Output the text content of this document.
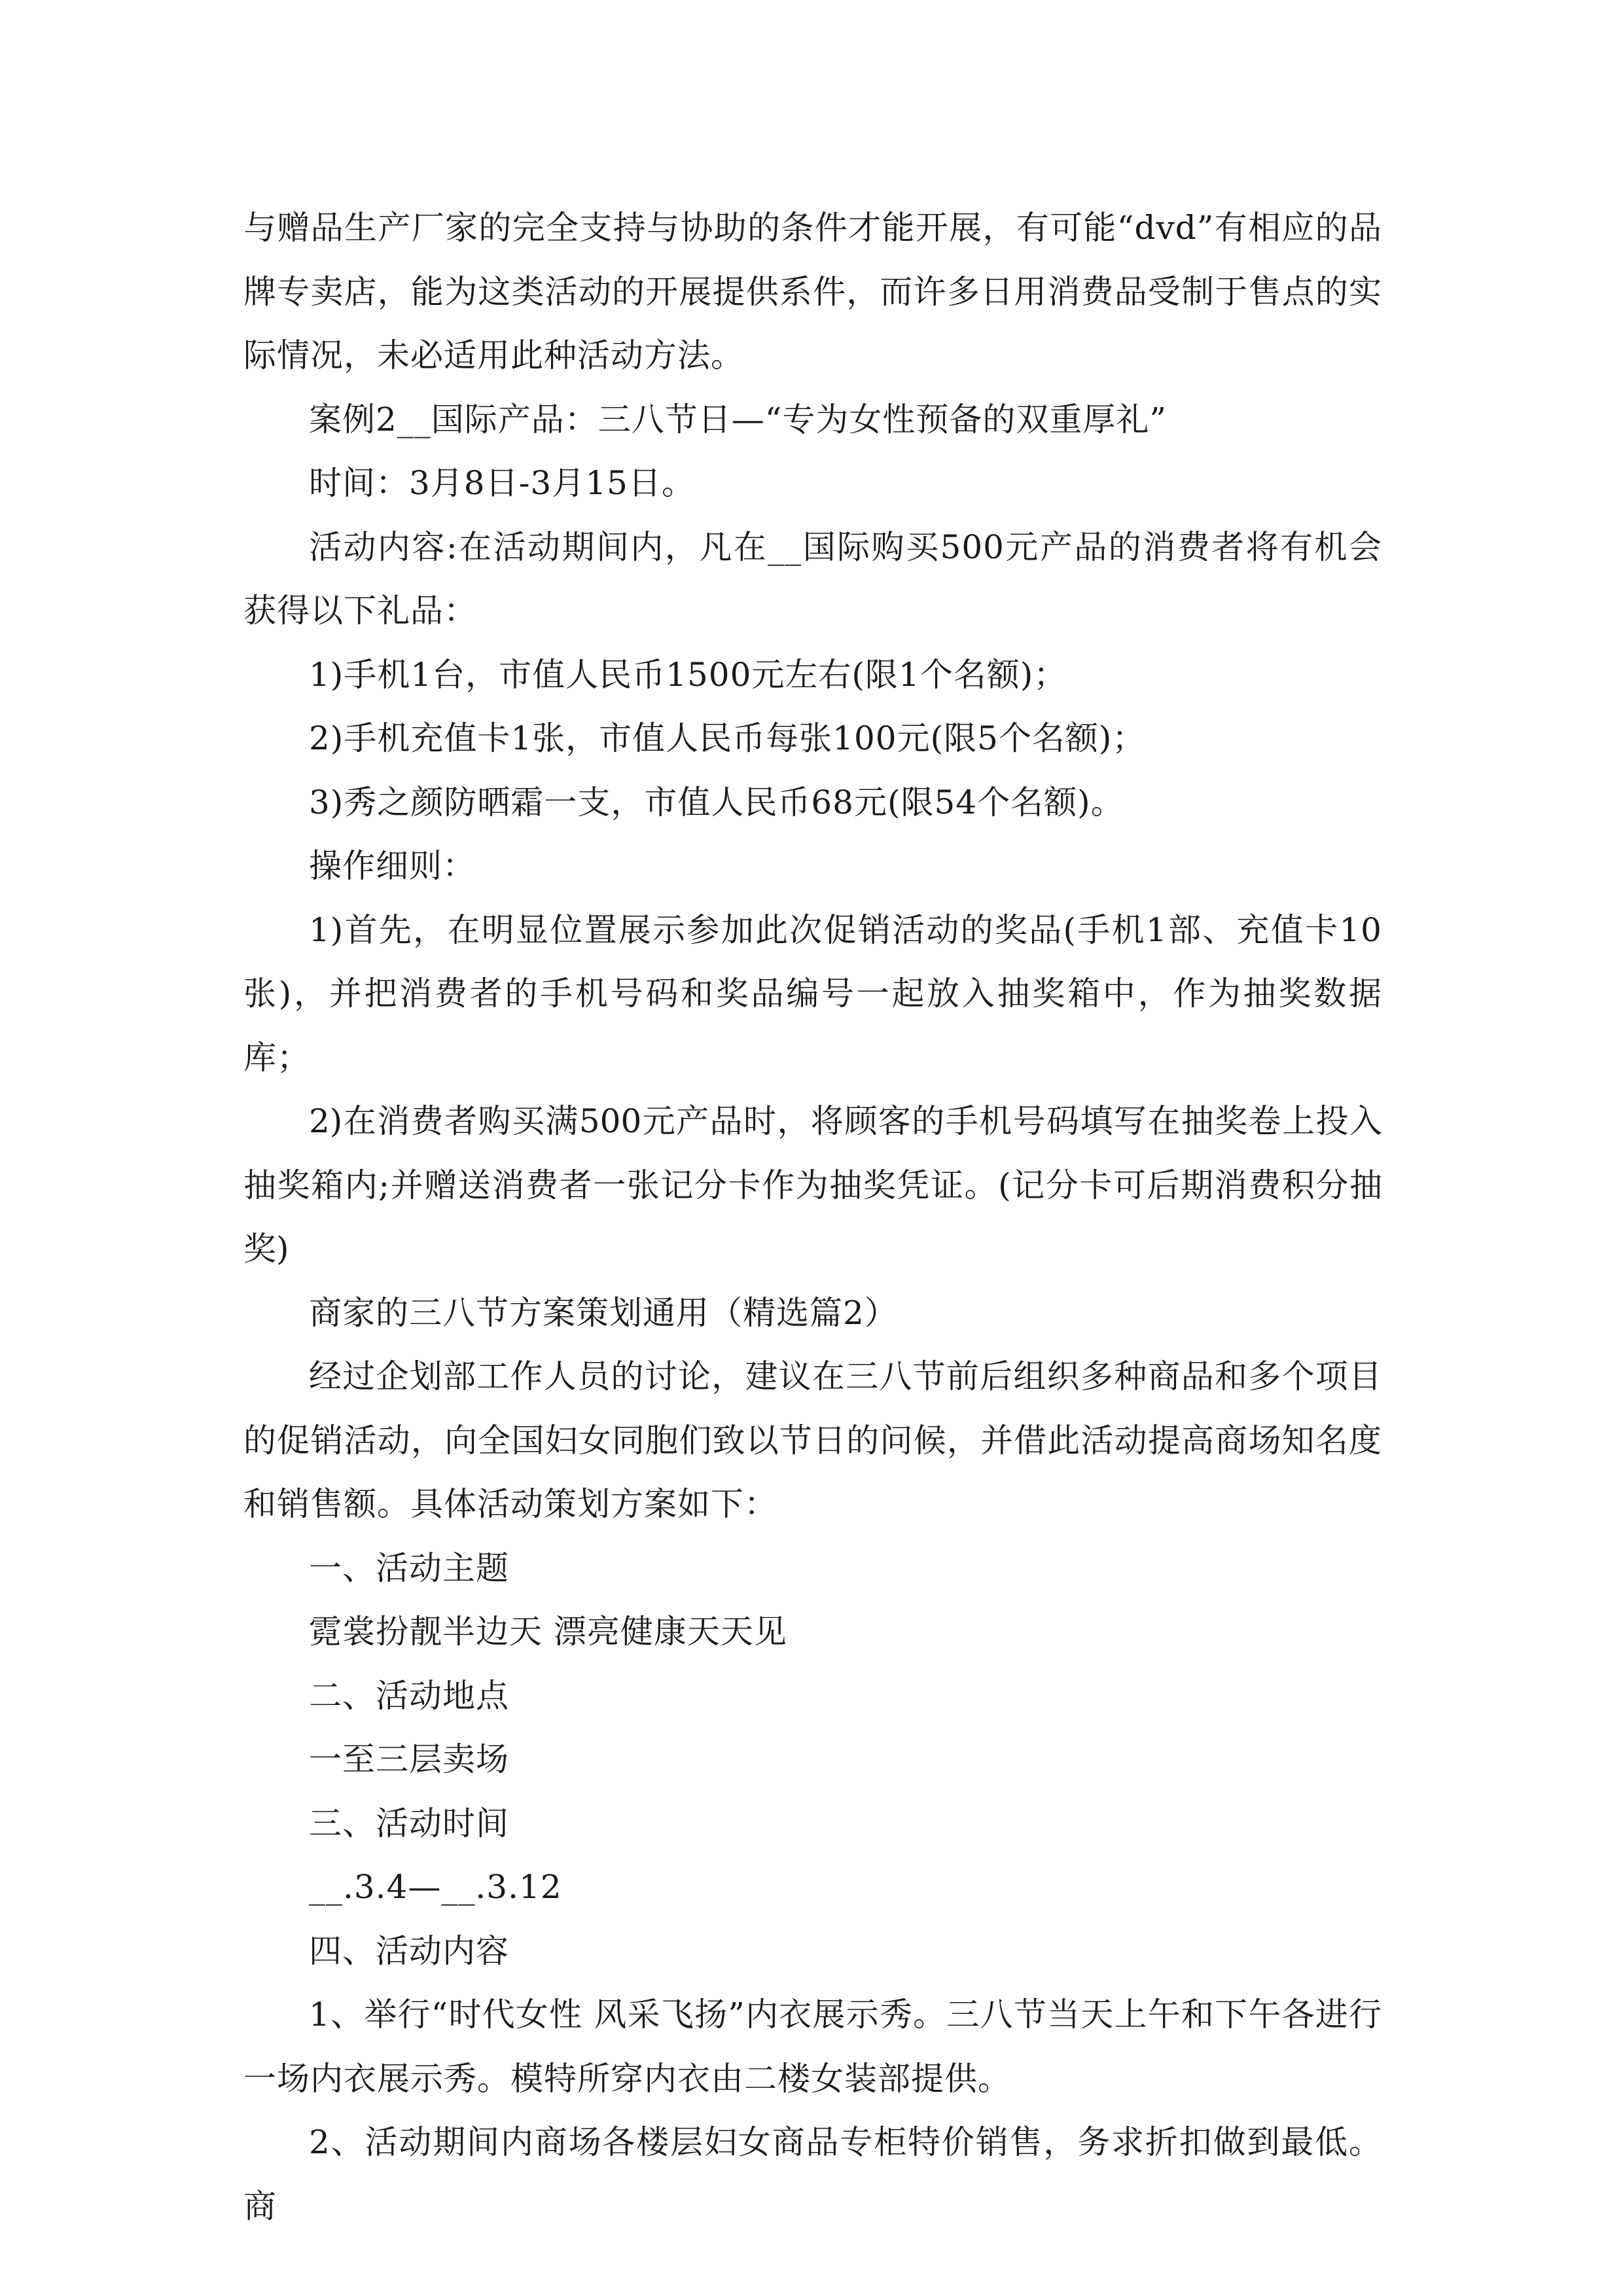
与赠品生产厂家的完全支持与协助的条件才能开展，有可能“dvd”有相应的品牌专卖店，能为这类活动的开展提供系件，而许多日用消费品受制于售点的实际情况，未必适用此种活动方法。

案例2__国际产品：三八节日—“专为女性预备的双重厚礼”

时间：3月8日-3月15日。

活动内容:在活动期间内，凡在__国际购买500元产品的消费者将有机会获得以下礼品：

1)手机1台，市值人民币1500元左右(限1个名额)；

2)手机充值卡1张，市值人民币每张100元(限5个名额)；

3)秀之颜防晒霜一支，市值人民币68元(限54个名额)。

操作细则：

1)首先，在明显位置展示参加此次促销活动的奖品(手机1部、充值卡10张)，并把消费者的手机号码和奖品编号一起放入抽奖箱中，作为抽奖数据库；

2)在消费者购买满500元产品时，将顾客的手机号码填写在抽奖卷上投入抽奖箱内;并赠送消费者一张记分卡作为抽奖凭证。(记分卡可后期消费积分抽奖)

商家的三八节方案策划通用（精选篇2）

经过企划部工作人员的讨论，建议在三八节前后组织多种商品和多个项目的促销活动，向全国妇女同胞们致以节日的问候，并借此活动提高商场知名度和销售额。具体活动策划方案如下：

一、活动主题

霓裳扮靓半边天 漂亮健康天天见

二、活动地点

一至三层卖场

三、活动时间

__.3.4—__.3.12

四、活动内容

1、举行“时代女性 风采飞扬”内衣展示秀。三八节当天上午和下午各进行一场内衣展示秀。模特所穿内衣由二楼女装部提供。

2、活动期间内商场各楼层妇女商品专柜特价销售，务求折扣做到最低。商
